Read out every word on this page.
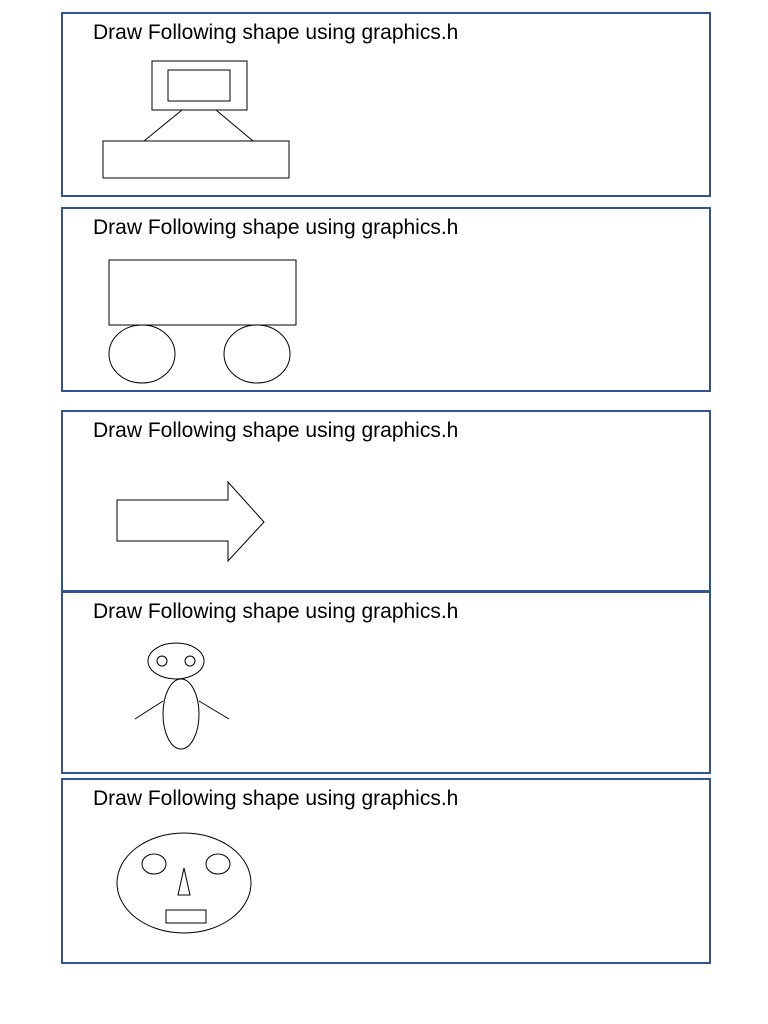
Draw Following shape using graphics.h
Draw Following shape using graphics.h
Draw Following shape using graphics.h
Draw Following shape using graphics.h
Draw Following shape using graphics.h
